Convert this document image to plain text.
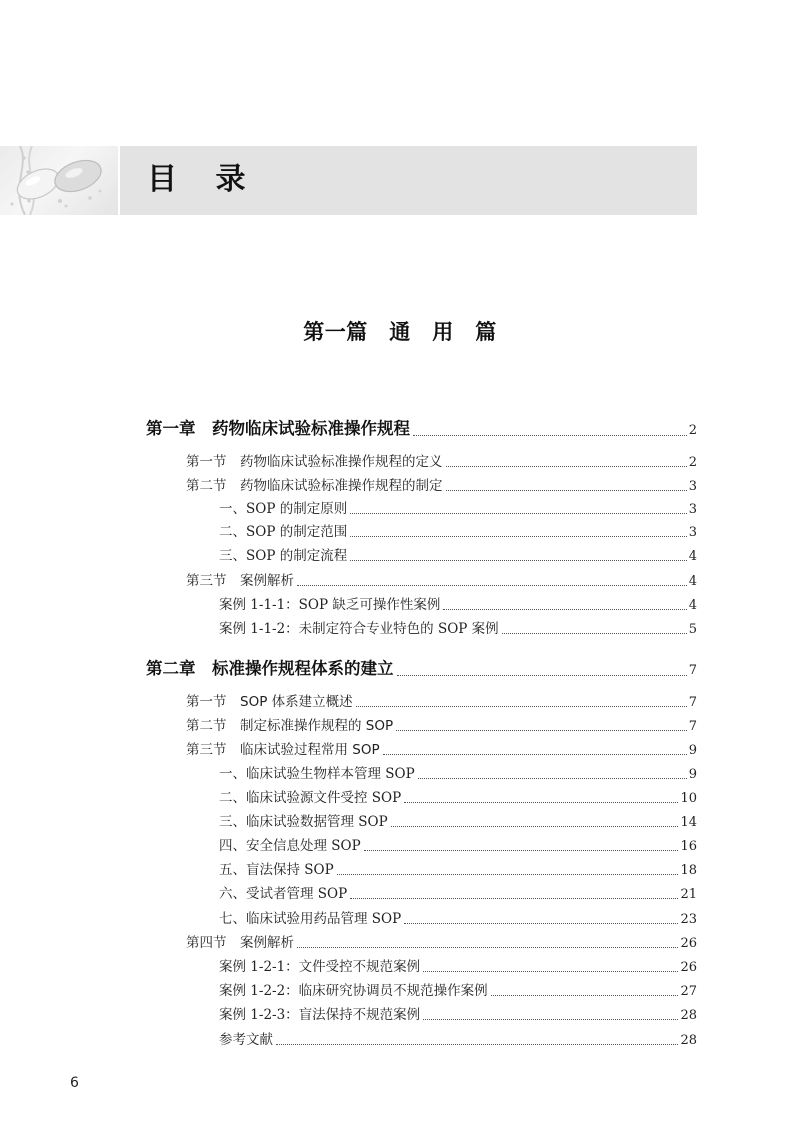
目 录
第一篇　通　用　篇
第一章　药物临床试验标准操作规程	2
第一节　药物临床试验标准操作规程的定义	2
第二节　药物临床试验标准操作规程的制定	3
一、SOP 的制定原则	3
二、SOP 的制定范围	3
三、SOP 的制定流程	4
第三节　案例解析	4
案例 1-1-1：SOP 缺乏可操作性案例	4
案例 1-1-2：未制定符合专业特色的 SOP 案例	5
第二章　标准操作规程体系的建立	7
第一节　SOP 体系建立概述	7
第二节　制定标准操作规程的 SOP	7
第三节　临床试验过程常用 SOP	9
一、临床试验生物样本管理 SOP	9
二、临床试验源文件受控 SOP	10
三、临床试验数据管理 SOP	14
四、安全信息处理 SOP	16
五、盲法保持 SOP	18
六、受试者管理 SOP	21
七、临床试验用药品管理 SOP	23
第四节　案例解析	26
案例 1-2-1：文件受控不规范案例	26
案例 1-2-2：临床研究协调员不规范操作案例	27
案例 1-2-3：盲法保持不规范案例	28
参考文献	28
6
